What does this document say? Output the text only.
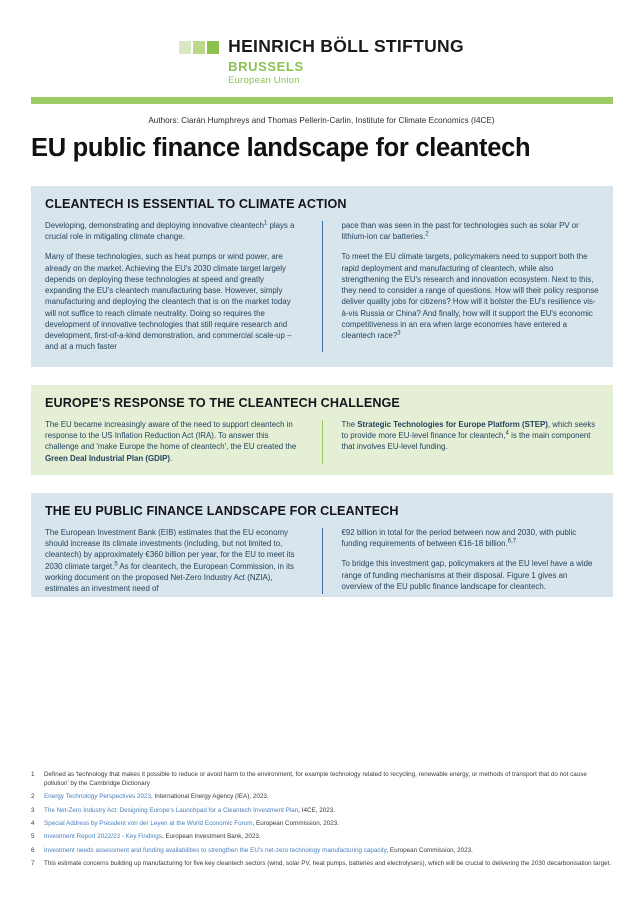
HEINRICH BÖLL STIFTUNG
BRUSSELS
European Union
Authors: Ciarán Humphreys and Thomas Pellerin-Carlin, Institute for Climate Economics (I4CE)
EU public finance landscape for cleantech
CLEANTECH IS ESSENTIAL TO CLIMATE ACTION

Developing, demonstrating and deploying innovative cleantech$^1$ plays a crucial role in mitigating climate change.

Many of these technologies, such as heat pumps or wind power, are already on the market. Achieving the EU's 2030 climate target largely depends on deploying these technologies at speed and greatly expanding the EU's cleantech manufacturing base. However, simply manufacturing and deploying the cleantech that is on the market today will not suffice to reach climate neutrality. Doing so requires the development of innovative technologies that still require research and development, first-of-a-kind demonstration, and commercial scale-up – and at a much faster

pace than was seen in the past for technologies such as solar PV or lithium-ion car batteries.$^2$

To meet the EU climate targets, policymakers need to support both the rapid deployment and manufacturing of cleantech, while also strengthening the EU's research and innovation ecosystem. Next to this, they need to consider a range of questions. How will their policy response deliver quality jobs for citizens? How will it bolster the EU's resilience vis-à-vis Russia or China? And finally, how will it support the EU's economic competitiveness in an era when large economies have entered a cleantech race?$^3$

EUROPE'S RESPONSE TO THE CLEANTECH CHALLENGE

The EU became increasingly aware of the need to support cleantech in response to the US Inflation Reduction Act (IRA). To answer this challenge and 'make Europe the home of cleantech', the EU created the Green Deal Industrial Plan (GDIP).

The Strategic Technologies for Europe Platform (STEP), which seeks to provide more EU-level finance for cleantech,$^4$ is the main component that involves EU-level funding.

THE EU PUBLIC FINANCE LANDSCAPE FOR CLEANTECH

The European Investment Bank (EIB) estimates that the EU economy should increase its climate investments (including, but not limited to, cleantech) by approximately €360 billion per year, for the EU to meet its 2030 climate target.$^5$ As for cleantech, the European Commission, in its working document on the proposed Net-Zero Industry Act (NZIA), estimates an investment need of

€92 billion in total for the period between now and 2030, with public funding requirements of between €16-18 billion.$^{6,7}$

To bridge this investment gap, policymakers at the EU level have a wide range of funding mechanisms at their disposal. Figure 1 gives an overview of the EU public finance landscape for cleantech.

1	Defined as 'technology that makes it possible to reduce or avoid harm to the environment, for example technology related to recycling, renewable energy, or methods of transport that do not cause pollution' by the Cambridge Dictionary
2	Energy Technology Perspectives 2023, International Energy Agency (IEA), 2023.
3	The Net-Zero Industry Act: Designing Europe's Launchpad for a Cleantech Investment Plan, I4CE, 2023.
4	Special Address by President von der Leyen at the World Economic Forum, European Commission, 2023.
5	Investment Report 2022/23 - Key Findings, European Investment Bank, 2023.
6	Investment needs assessment and funding availabilities to strengthen the EU's net-zero technology manufacturing capacity, European Commission, 2023.
7	This estimate concerns building up manufacturing for five key cleantech sectors (wind, solar PV, heat pumps, batteries and electrolysers), which will be crucial to delivering the 2030 decarbonisation target.
